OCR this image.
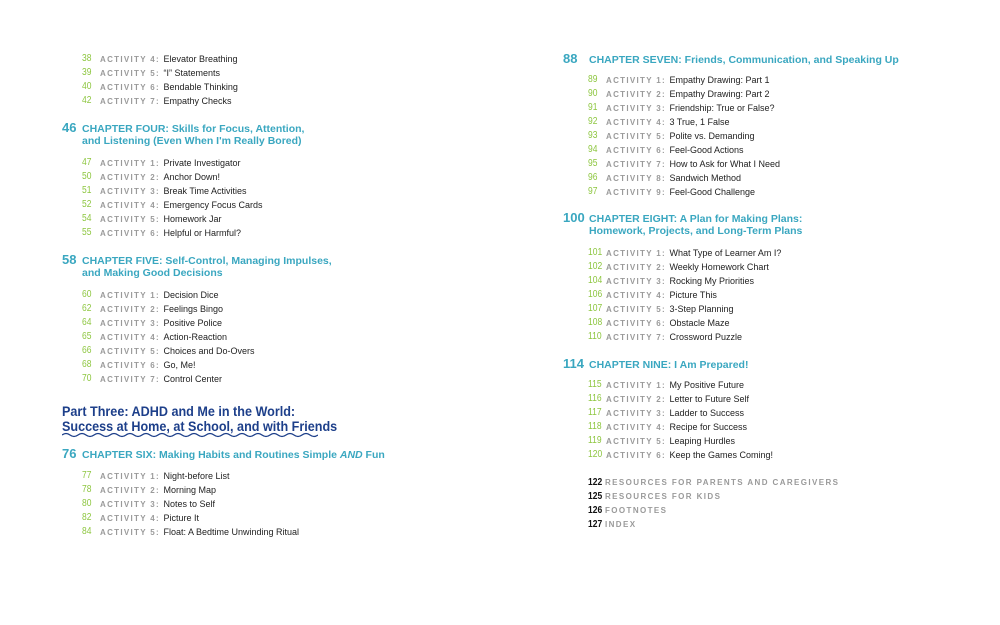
38	ACTIVITY 4: Elevator Breathing
39	ACTIVITY 5: “I” Statements
40	ACTIVITY 6: Bendable Thinking
42	ACTIVITY 7: Empathy Checks
46 CHAPTER FOUR: Skills for Focus, Attention,
and Listening (Even When I'm Really Bored)
47	ACTIVITY 1: Private Investigator
50	ACTIVITY 2: Anchor Down!
51	ACTIVITY 3: Break Time Activities
52	ACTIVITY 4: Emergency Focus Cards
54	ACTIVITY 5: Homework Jar
55	ACTIVITY 6: Helpful or Harmful?
58 CHAPTER FIVE: Self-Control, Managing Impulses,
and Making Good Decisions
60	ACTIVITY 1: Decision Dice
62	ACTIVITY 2: Feelings Bingo
64	ACTIVITY 3: Positive Police
65	ACTIVITY 4: Action-Reaction
66	ACTIVITY 5: Choices and Do-Overs
68	ACTIVITY 6: Go, Me!
70	ACTIVITY 7: Control Center
Part Three: ADHD and Me in the World:
Success at Home, at School, and with Friends
76 CHAPTER SIX: Making Habits and Routines Simple AND Fun
77	ACTIVITY 1: Night-before List
78	ACTIVITY 2: Morning Map
80	ACTIVITY 3: Notes to Self
82	ACTIVITY 4: Picture It
84	ACTIVITY 5: Float: A Bedtime Unwinding Ritual
88 CHAPTER SEVEN: Friends, Communication, and Speaking Up
89	ACTIVITY 1: Empathy Drawing: Part 1
90	ACTIVITY 2: Empathy Drawing: Part 2
91	ACTIVITY 3: Friendship: True or False?
92	ACTIVITY 4: 3 True, 1 False
93	ACTIVITY 5: Polite vs. Demanding
94	ACTIVITY 6: Feel-Good Actions
95	ACTIVITY 7: How to Ask for What I Need
96	ACTIVITY 8: Sandwich Method
97	ACTIVITY 9: Feel-Good Challenge
100 CHAPTER EIGHT: A Plan for Making Plans:
Homework, Projects, and Long-Term Plans
101 ACTIVITY 1: What Type of Learner Am I?
102 ACTIVITY 2: Weekly Homework Chart
104 ACTIVITY 3: Rocking My Priorities
106 ACTIVITY 4: Picture This
107 ACTIVITY 5: 3-Step Planning
108 ACTIVITY 6: Obstacle Maze
110 ACTIVITY 7: Crossword Puzzle
114 CHAPTER NINE: I Am Prepared!
115 ACTIVITY 1: My Positive Future
116 ACTIVITY 2: Letter to Future Self
117 ACTIVITY 3: Ladder to Success
118 ACTIVITY 4: Recipe for Success
119 ACTIVITY 5: Leaping Hurdles
120 ACTIVITY 6: Keep the Games Coming!
122 RESOURCES FOR PARENTS AND CAREGIVERS
125 RESOURCES FOR KIDS
126 FOOTNOTES
127 INDEX
